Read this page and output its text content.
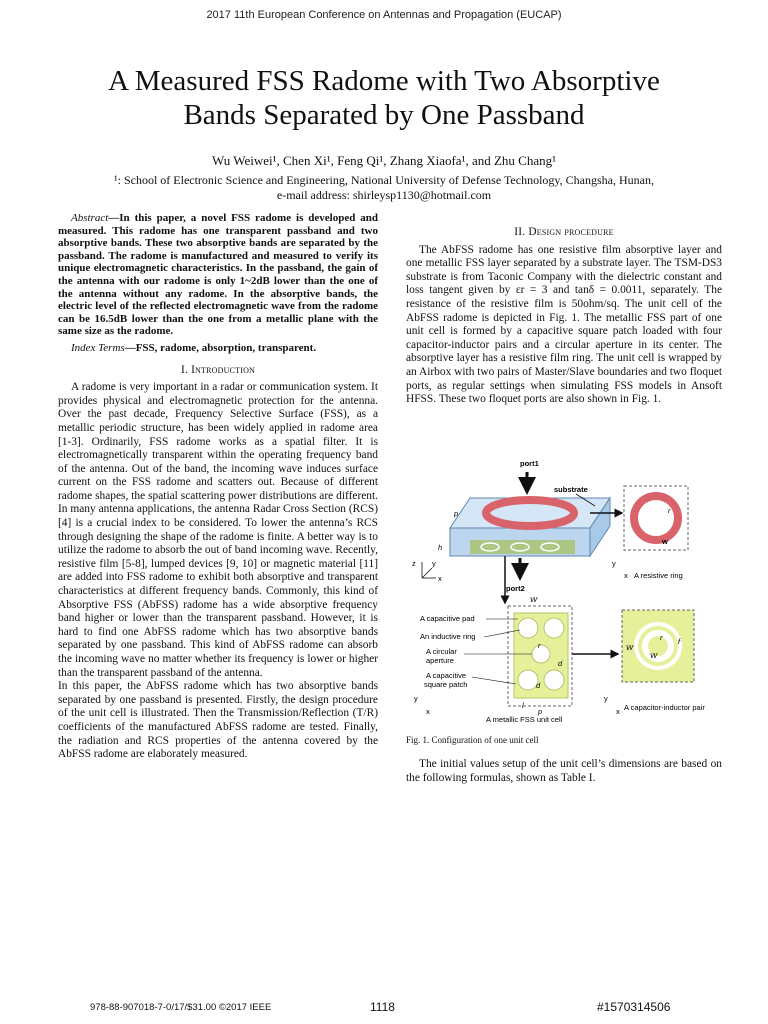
2017 11th European Conference on Antennas and Propagation (EUCAP)
A Measured FSS Radome with Two Absorptive
Bands Separated by One Passband
Wu Weiwei¹, Chen Xi¹, Feng Qi¹, Zhang Xiaofa¹, and Zhu Chang¹
¹: School of Electronic Science and Engineering, National University of Defense Technology, Changsha, Hunan,
e-mail address: shirleysp1130@hotmail.com

Abstract—In this paper, a novel FSS radome is developed and measured. This radome has one transparent passband and two absorptive bands. These two absorptive bands are separated by the passband. The radome is manufactured and measured to verify its unique electromagnetic characteristics. In the passband, the gain of the antenna with our radome is only 1~2dB lower than the one of the antenna without any radome. In the absorptive bands, the electric level of the reflected electromagnetic wave from the radome can be 16.5dB lower than the one from a metallic plane with the same size as the radome.

Index Terms—FSS, radome, absorption, transparent.

I. Introduction

A radome is very important in a radar or communication system. It provides physical and electromagnetic protection for the antenna. Over the past decade, Frequency Selective Surface (FSS), as a metallic periodic structure, has been widely applied in radome area [1-3]. Ordinarily, FSS radome works as a spatial filter. It is electromagnetically transparent within the operating frequency band of the antenna. Out of the band, the incoming wave induces surface current on the FSS radome and scatters out. Because of different radome shapes, the spatial scattering power distributions are different. In many antenna applications, the antenna Radar Cross Section (RCS) [4] is a crucial index to be considered. To lower the antenna’s RCS through designing the shape of the radome is finite. A better way is to utilize the radome to absorb the out of band incoming wave. Recently, resistive film [5-8], lumped devices [9, 10] or magnetic material [11] are added into FSS radome to exhibit both absorptive and transparent characteristics at different frequency bands. Commonly, this kind of Absorptive FSS (AbFSS) radome has a wide absorptive frequency band higher or lower than the transparent passband. However, it is hard to find one AbFSS radome which has two absorptive bands separated by one passband. This kind of AbFSS radome can absorb the incoming wave no matter whether its frequency is lower or higher than the transparent passband of the antenna.

In this paper, the AbFSS radome which has two absorptive bands separated by one passband is presented. Firstly, the design procedure of the unit cell is illustrated. Then the Transmission/Reflection (T/R) coefficients of the manufactured AbFSS radome are tested. Finally, the radiation and RCS properties of the antenna covered by the AbFSS radome are elaborately measured.

II. Design procedure

The AbFSS radome has one resistive film absorptive layer and one metallic FSS layer separated by a substrate layer. The TSM-DS3 substrate is from Taconic Company with the dielectric constant and loss tangent given by εr = 3 and tanδ = 0.0011, separately. The resistance of the resistive film is 50ohm/sq. The unit cell of the AbFSS radome is depicted in Fig. 1. The metallic FSS part of one unit cell is formed by a capacitive square patch loaded with four capacitor-inductor pairs and a circular aperture in its center. The absorptive layer has a resistive film ring. The unit cell is wrapped by an Airbox with two pairs of Master/Slave boundaries and two floquet ports, as regular settings when simulating FSS models in Ansoft HFSS. These two floquet ports are also shown in Fig. 1.

port1
substrate
p
h
z y
x
port2
r
w
y
x A resistive ring
W
r
d
d
l
p
A capacitive pad
An inductive ring
A circular
aperture
A capacitive
square patch
y
x
A metallic FSS unit cell
W
W
r f
y
x A capacitor-inductor pair
Fig. 1. Configuration of one unit cell

The initial values setup of the unit cell’s dimensions are based on the following formulas, shown as Table I.

978-88-907018-7-0/17/$31.00 ©2017 IEEE	1118	#1570314506
